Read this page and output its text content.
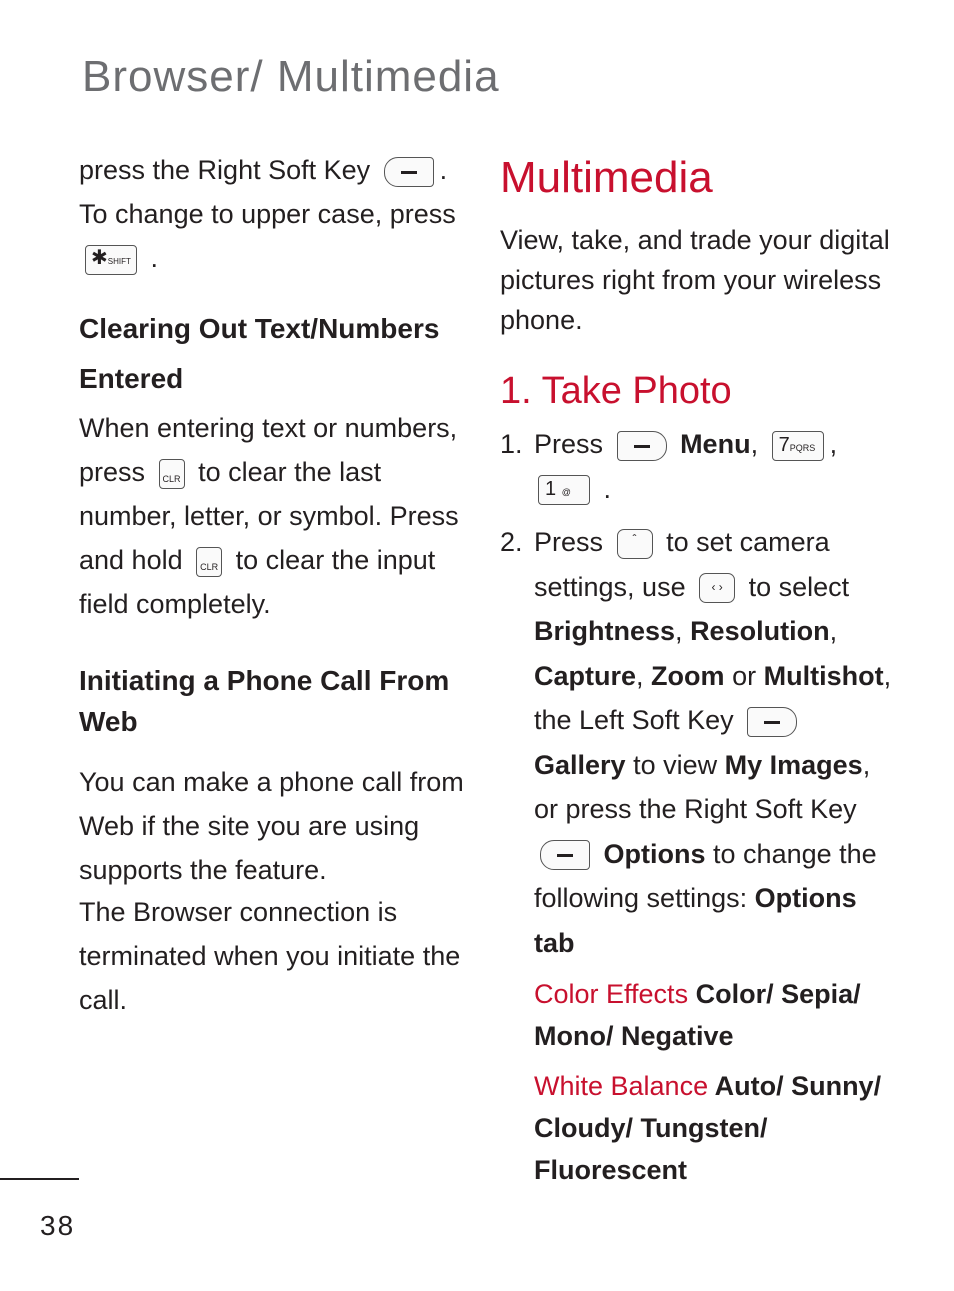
Browser/ Multimedia

press the Right Soft Key	.
To change to upper case, press
✱SHIFT .

Clearing Out Text/Numbers Entered

When entering text or numbers, press CLR to clear the last number, letter, or symbol. Press and hold CLR to clear the input field completely.

Initiating a Phone Call From Web

You can make a phone call from Web if the site you are using supports the feature.

The Browser connection is terminated when you initiate the call.

Multimedia

View, take, and trade your digital pictures right from your wireless phone.

1. Take Photo
1. Press	Menu, 7PQRS ,
1 @ .
2. Press ˆ to set camera settings, use ‹ › to select Brightness, Resolution, Capture, Zoom or Multishot, the Left Soft Key  Gallery to view My Images, or press the Right Soft Key  Options to change the following settings: Options tab

Color Effects Color/ Sepia/ Mono/ Negative

White Balance Auto/ Sunny/ Cloudy/ Tungsten/ Fluorescent

38
